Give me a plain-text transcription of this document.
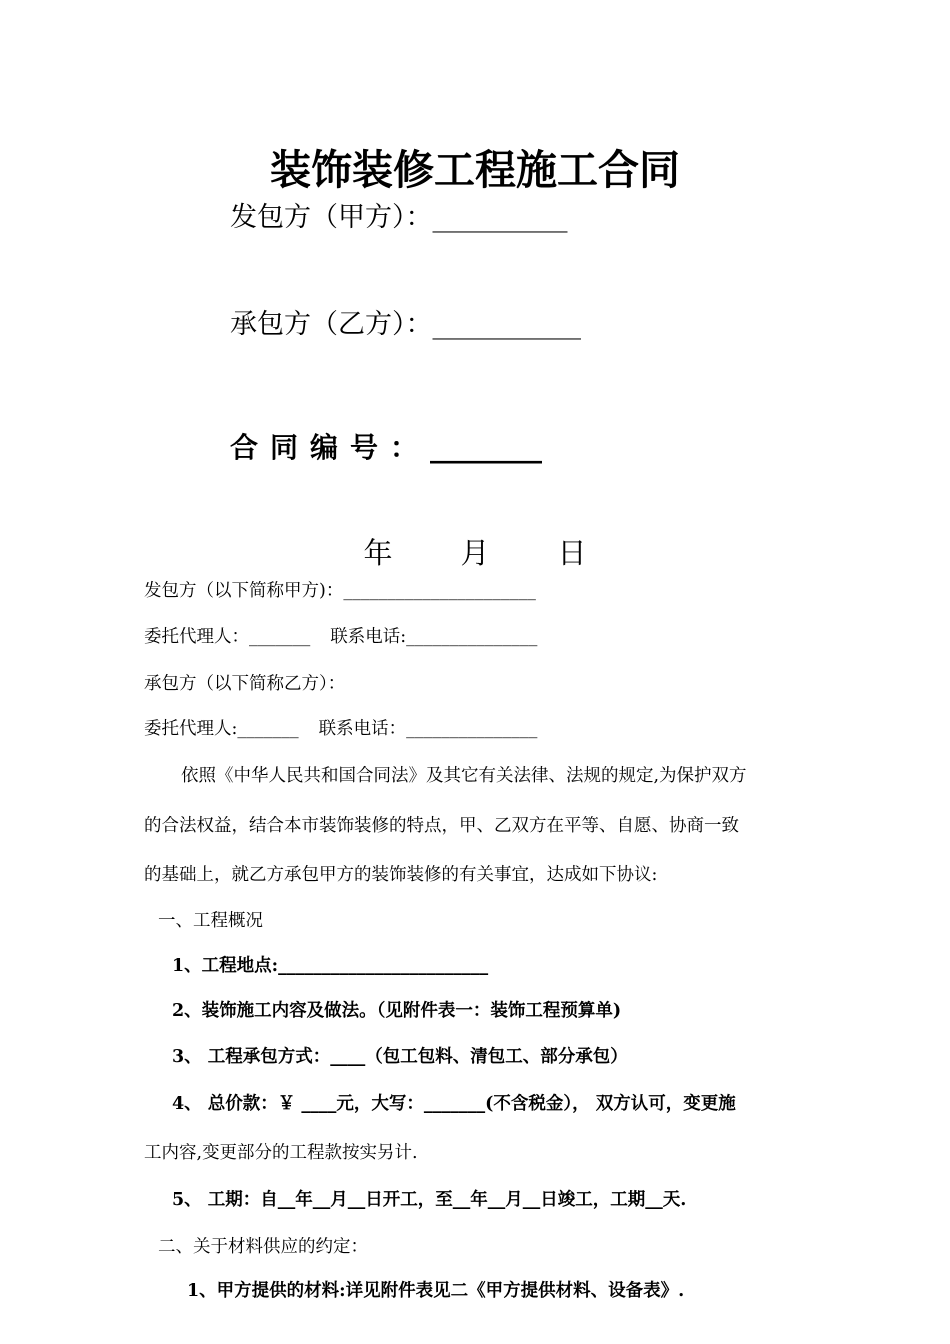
装饰装修工程施工合同
发包方（甲方）：__________
承包方（乙方）：___________
合同编号：________
年 月 日
发包方（以下简称甲方)：______________________
委托代理人：_______ 联系电话:_______________
承包方（以下简称乙方）：
委托代理人:_______ 联系电话：_______________
依照《中华人民共和国合同法》及其它有关法律、法规的规定,为保护双方
的合法权益，结合本市装饰装修的特点，甲、乙双方在平等、自愿、协商一致
的基础上，就乙方承包甲方的装饰装修的有关事宜，达成如下协议:
一、工程概况
1、工程地点:________________________
2、装饰施工内容及做法。（见附件表一：装饰工程预算单)
3、 工程承包方式：____（包工包料、清包工、部分承包）
4、 总价款：￥ ____元，大写：_______(不含税金）， 双方认可，变更施
工内容,变更部分的工程款按实另计.
5、 工期：自__年__月__日开工，至__年__月__日竣工，工期__天.
二、关于材料供应的约定：
1、甲方提供的材料:详见附件表见二《甲方提供材料、设备表》.
